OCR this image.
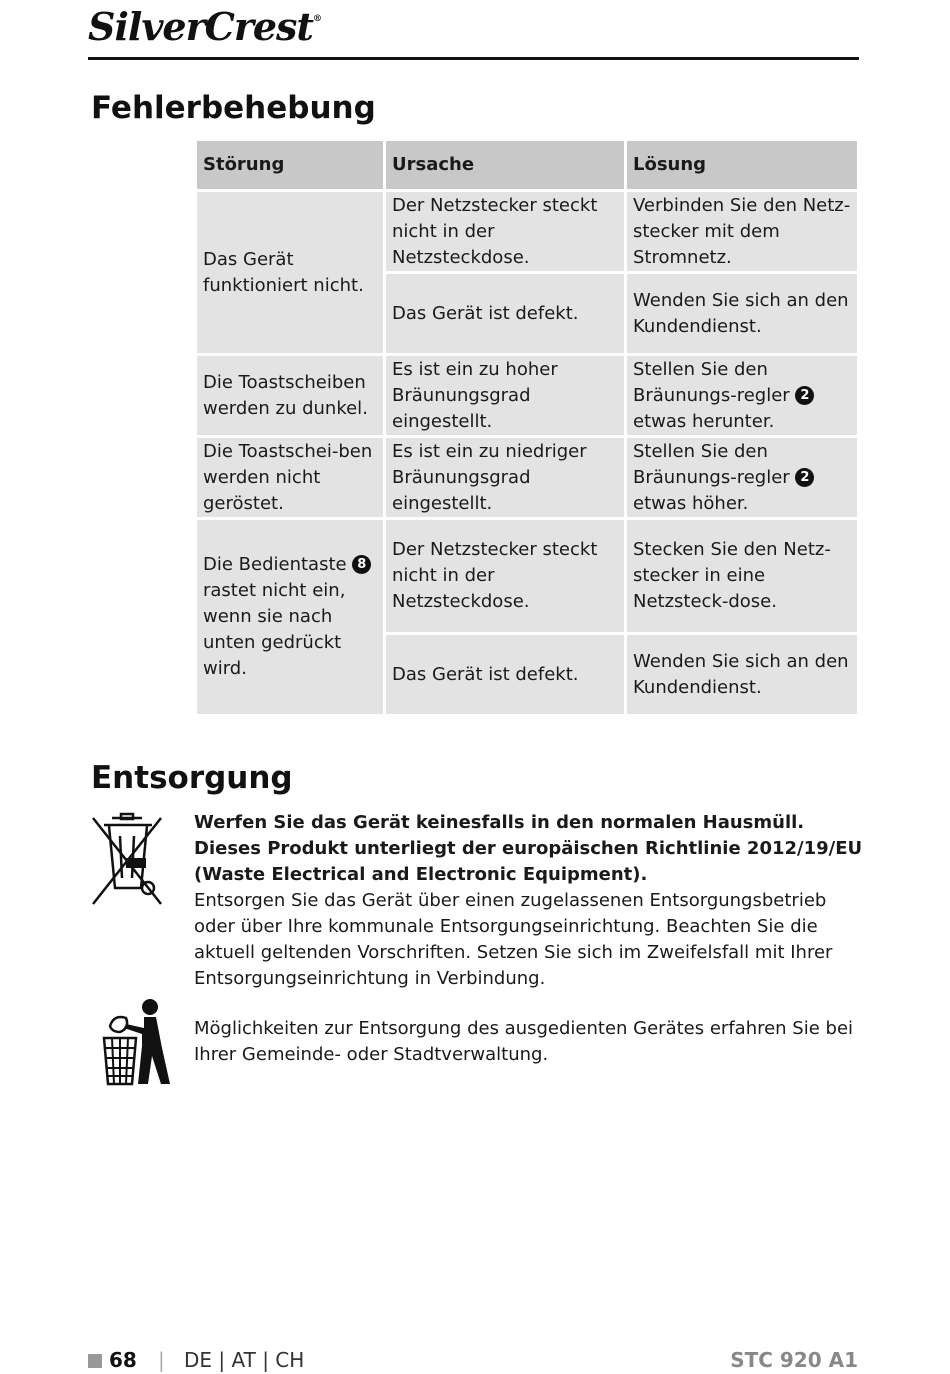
SilverCrest®
Fehlerbehebung
Störung	Ursache	Lösung
Das Gerät funktioniert nicht.	Der Netzstecker steckt nicht in der Netzsteckdose.	Verbinden Sie den Netz-stecker mit dem Stromnetz.
	Das Gerät ist defekt.	Wenden Sie sich an den Kundendienst.
Die Toastscheiben werden zu dunkel.	Es ist ein zu hoher Bräunungsgrad eingestellt.	Stellen Sie den Bräunungs-regler 2 etwas herunter.
Die Toastschei-ben werden nicht geröstet.	Es ist ein zu niedriger Bräunungsgrad eingestellt.	Stellen Sie den Bräunungs-regler 2 etwas höher.
Die Bedientaste 8 rastet nicht ein, wenn sie nach unten gedrückt wird.	Der Netzstecker steckt nicht in der Netzsteckdose.	Stecken Sie den Netz-stecker in eine Netzsteck-dose.
	Das Gerät ist defekt.	Wenden Sie sich an den Kundendienst.
Entsorgung

Werfen Sie das Gerät keinesfalls in den normalen Hausmüll. Dieses Produkt unterliegt der europäischen Richtlinie 2012/19/EU (Waste Electrical and Electronic Equipment).

Entsorgen Sie das Gerät über einen zugelassenen Entsorgungsbetrieb oder über Ihre kommunale Entsorgungseinrichtung. Beachten Sie die aktuell geltenden Vorschriften. Setzen Sie sich im Zweifelsfall mit Ihrer Entsorgungseinrichtung in Verbindung.

Möglichkeiten zur Entsorgung des ausgedienten Gerätes erfahren Sie bei Ihrer Gemeinde- oder Stadtverwaltung.

68 | DE | AT | CH	STC 920 A1
